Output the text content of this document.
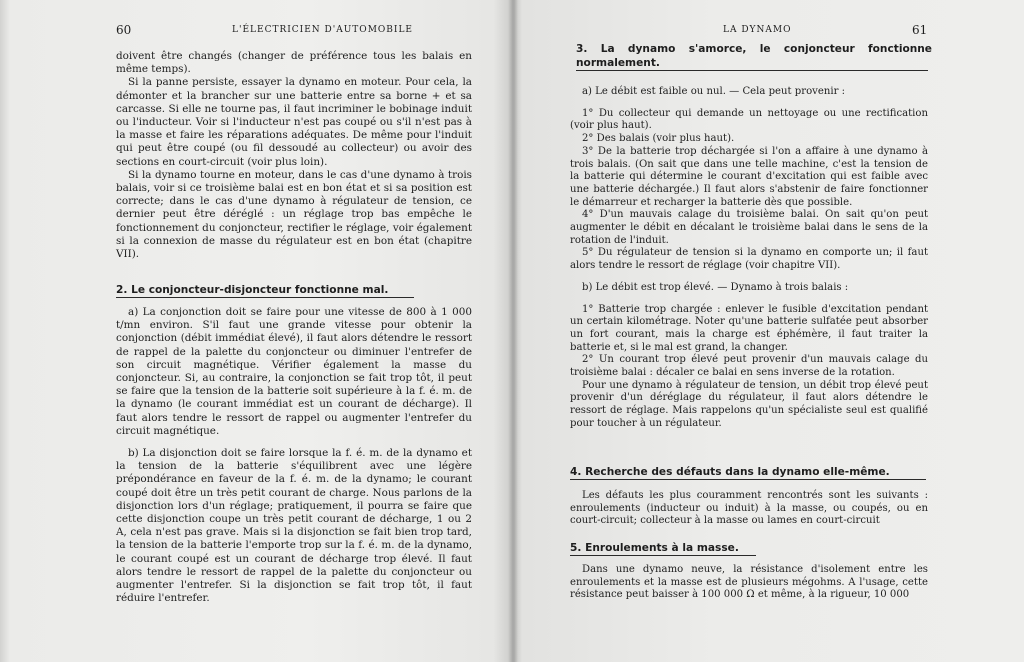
60	L'ÉLECTRICIEN D'AUTOMOBILE

doivent être changés (changer de préférence tous les balais en même temps).

Si la panne persiste, essayer la dynamo en moteur. Pour cela, la démonter et la brancher sur une batterie entre sa borne + et sa carcasse. Si elle ne tourne pas, il faut incriminer le bobinage induit ou l'inducteur. Voir si l'inducteur n'est pas coupé ou s'il n'est pas à la masse et faire les réparations adéquates. De même pour l'induit qui peut être coupé (ou fil dessoudé au collecteur) ou avoir des sections en court-circuit (voir plus loin).

Si la dynamo tourne en moteur, dans le cas d'une dynamo à trois balais, voir si ce troisième balai est en bon état et si sa position est correcte; dans le cas d'une dynamo à régulateur de tension, ce dernier peut être déréglé : un réglage trop bas empêche le fonctionnement du conjoncteur, rectifier le réglage, voir également si la connexion de masse du régulateur est en bon état (chapitre VII).

2. Le conjoncteur-disjoncteur fonctionne mal.

a) La conjonction doit se faire pour une vitesse de 800 à 1 000 t/mn environ. S'il faut une grande vitesse pour obtenir la conjonction (débit immédiat élevé), il faut alors détendre le ressort de rappel de la palette du conjoncteur ou diminuer l'entrefer de son circuit magnétique. Vérifier également la masse du conjoncteur. Si, au contraire, la conjonction se fait trop tôt, il peut se faire que la tension de la batterie soit supérieure à la f. é. m. de la dynamo (le courant immédiat est un courant de décharge). Il faut alors tendre le ressort de rappel ou augmenter l'entrefer du circuit magnétique.

b) La disjonction doit se faire lorsque la f. é. m. de la dynamo et la tension de la batterie s'équilibrent avec une légère prépondérance en faveur de la f. é. m. de la dynamo; le courant coupé doit être un très petit courant de charge. Nous parlons de la disjonction lors d'un réglage; pratiquement, il pourra se faire que cette disjonction coupe un très petit courant de décharge, 1 ou 2 A, cela n'est pas grave. Mais si la disjonction se fait bien trop tard, la tension de la batterie l'emporte trop sur la f. é. m. de la dynamo, le courant coupé est un courant de décharge trop élevé. Il faut alors tendre le ressort de rappel de la palette du conjoncteur ou augmenter l'entrefer. Si la disjonction se fait trop tôt, il faut réduire l'entrefer.

LA DYNAMO	61
3. La dynamo s'amorce, le conjoncteur fonctionne normalement.

a) Le débit est faible ou nul. — Cela peut provenir :

1° Du collecteur qui demande un nettoyage ou une rectification (voir plus haut).

2° Des balais (voir plus haut).

3° De la batterie trop déchargée si l'on a affaire à une dynamo à trois balais. (On sait que dans une telle machine, c'est la tension de la batterie qui détermine le courant d'excitation qui est faible avec une batterie déchargée.) Il faut alors s'abstenir de faire fonctionner le démarreur et recharger la batterie dès que possible.

4° D'un mauvais calage du troisième balai. On sait qu'on peut augmenter le débit en décalant le troisième balai dans le sens de la rotation de l'induit.

5° Du régulateur de tension si la dynamo en comporte un; il faut alors tendre le ressort de réglage (voir chapitre VII).

b) Le débit est trop élevé. — Dynamo à trois balais :

1° Batterie trop chargée : enlever le fusible d'excitation pendant un certain kilométrage. Noter qu'une batterie sulfatée peut absorber un fort courant, mais la charge est éphémère, il faut traiter la batterie et, si le mal est grand, la changer.

2° Un courant trop élevé peut provenir d'un mauvais calage du troisième balai : décaler ce balai en sens inverse de la rotation.

Pour une dynamo à régulateur de tension, un débit trop élevé peut provenir d'un déréglage du régulateur, il faut alors détendre le ressort de réglage. Mais rappelons qu'un spécialiste seul est qualifié pour toucher à un régulateur.

4. Recherche des défauts dans la dynamo elle-même.

Les défauts les plus couramment rencontrés sont les suivants : enroulements (inducteur ou induit) à la masse, ou coupés, ou en court-circuit; collecteur à la masse ou lames en court-circuit

5. Enroulements à la masse.

Dans une dynamo neuve, la résistance d'isolement entre les enroulements et la masse est de plusieurs mégohms. A l'usage, cette résistance peut baisser à 100 000 Ω et même, à la rigueur, 10 000
